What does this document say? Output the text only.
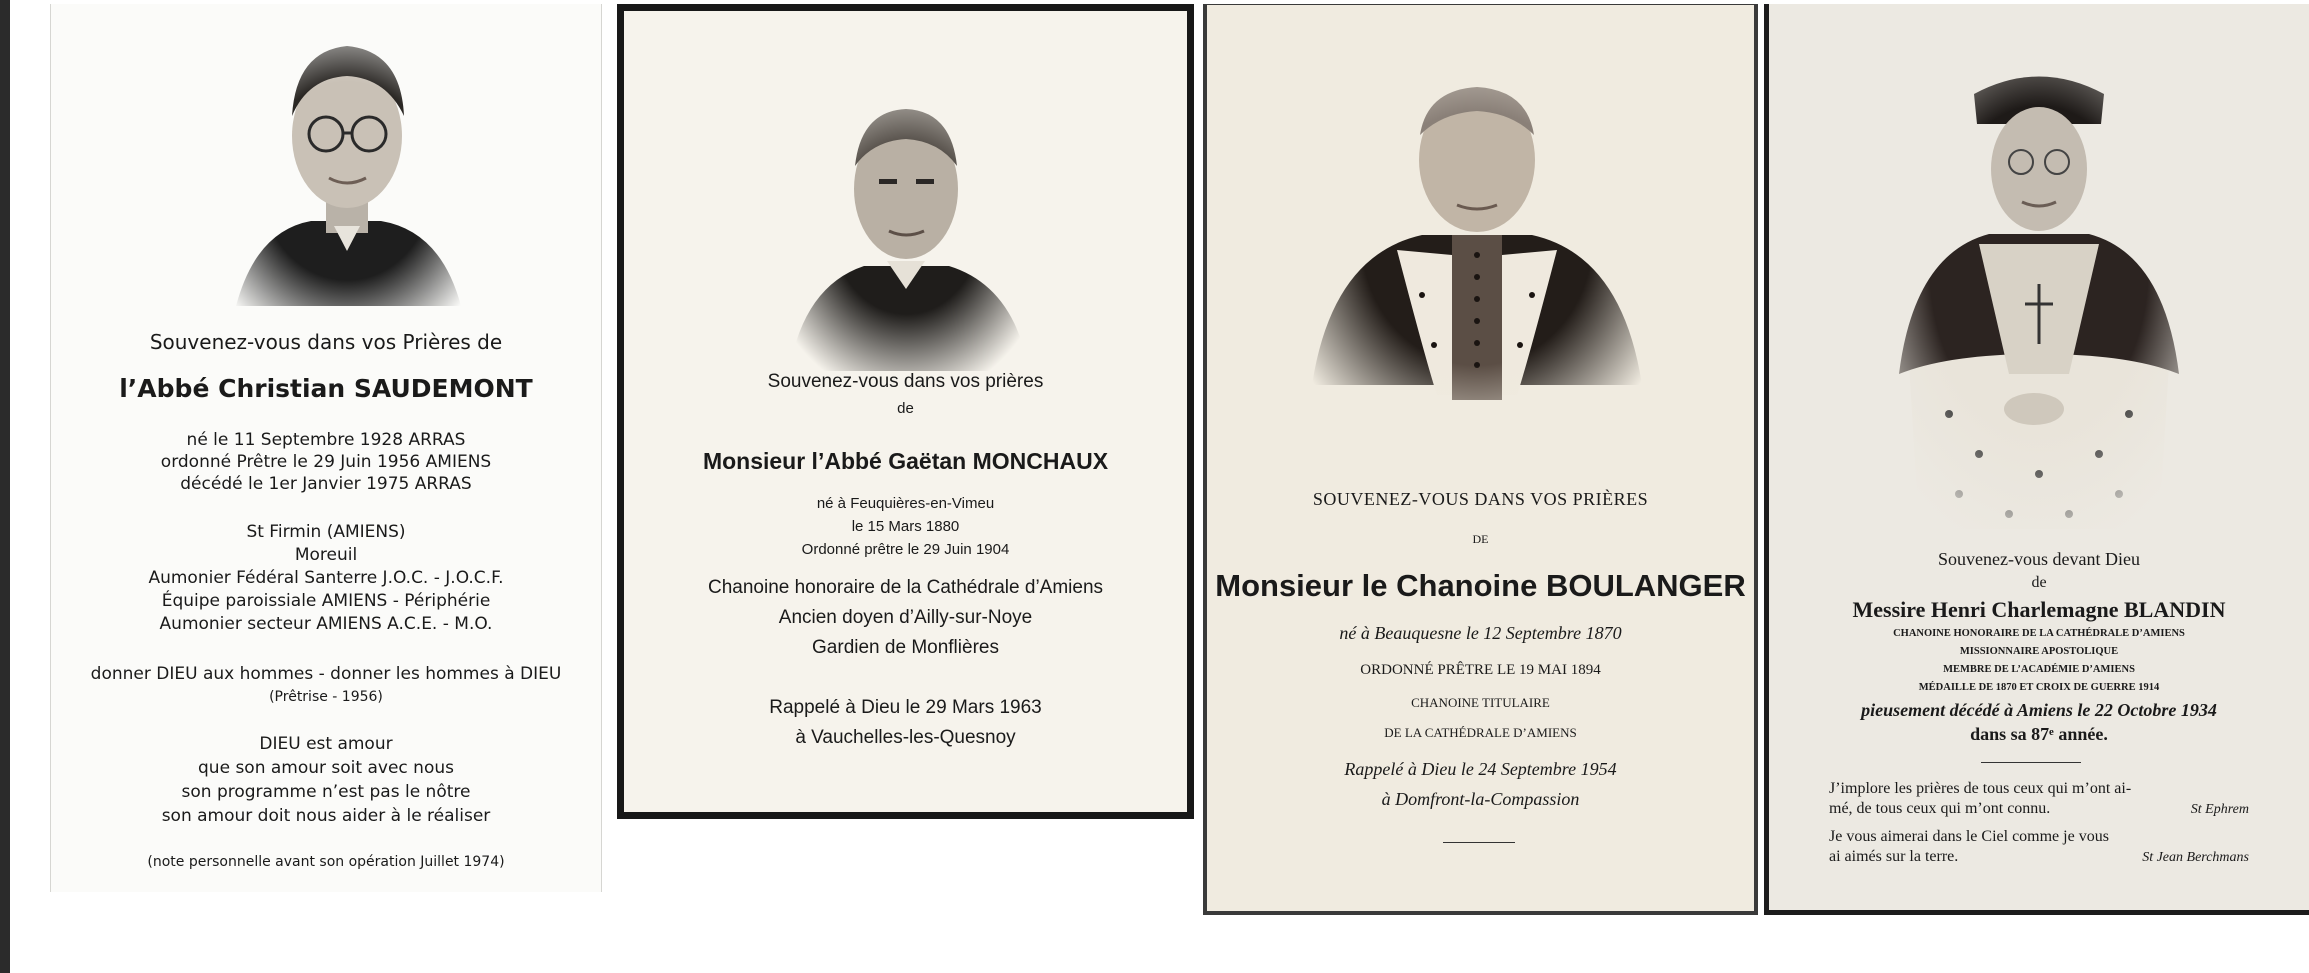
Souvenez-vous dans vos Prières de
l’Abbé Christian SAUDEMONT
né le 11 Septembre 1928 ARRAS
ordonné Prêtre le 29 Juin 1956 AMIENS
décédé le 1er Janvier 1975 ARRAS
St Firmin (AMIENS)
Moreuil
Aumonier Fédéral Santerre J.O.C. - J.O.C.F.
Équipe paroissiale AMIENS - Périphérie
Aumonier secteur AMIENS A.C.E. - M.O.
donner DIEU aux hommes - donner les hommes à DIEU
(Prêtrise - 1956)
DIEU est amour
que son amour soit avec nous
son programme n’est pas le nôtre
son amour doit nous aider à le réaliser
(note personnelle avant son opération Juillet 1974)
Souvenez-vous dans vos prières
de
Monsieur l’Abbé Gaëtan MONCHAUX
né à Feuquières-en-Vimeu
le 15 Mars 1880
Ordonné prêtre le 29 Juin 1904
Chanoine honoraire de la Cathédrale d’Amiens
Ancien doyen d’Ailly-sur-Noye
Gardien de Monflières
Rappelé à Dieu le 29 Mars 1963
à Vauchelles-les-Quesnoy
SOUVENEZ-VOUS DANS VOS PRIÈRES
DE
Monsieur le Chanoine BOULANGER
né à Beauquesne le 12 Septembre 1870
ORDONNÉ PRÊTRE LE 19 MAI 1894
CHANOINE TITULAIRE
DE LA CATHÉDRALE D’AMIENS
Rappelé à Dieu le 24 Septembre 1954
à Domfront-la-Compassion
Souvenez-vous devant Dieu
de
Messire Henri Charlemagne BLANDIN
CHANOINE HONORAIRE DE LA CATHÉDRALE D’AMIENS
MISSIONNAIRE APOSTOLIQUE
MEMBRE DE L’ACADÉMIE D’AMIENS
MÉDAILLE DE 1870 ET CROIX DE GUERRE 1914
pieusement décédé à Amiens le 22 Octobre 1934
dans sa 87ᵉ année.
J’implore les prières de tous ceux qui m’ont ai-
mé, de tous ceux qui m’ont connu.	St Ephrem
Je vous aimerai dans le Ciel comme je vous
ai aimés sur la terre.	St Jean Berchmans
